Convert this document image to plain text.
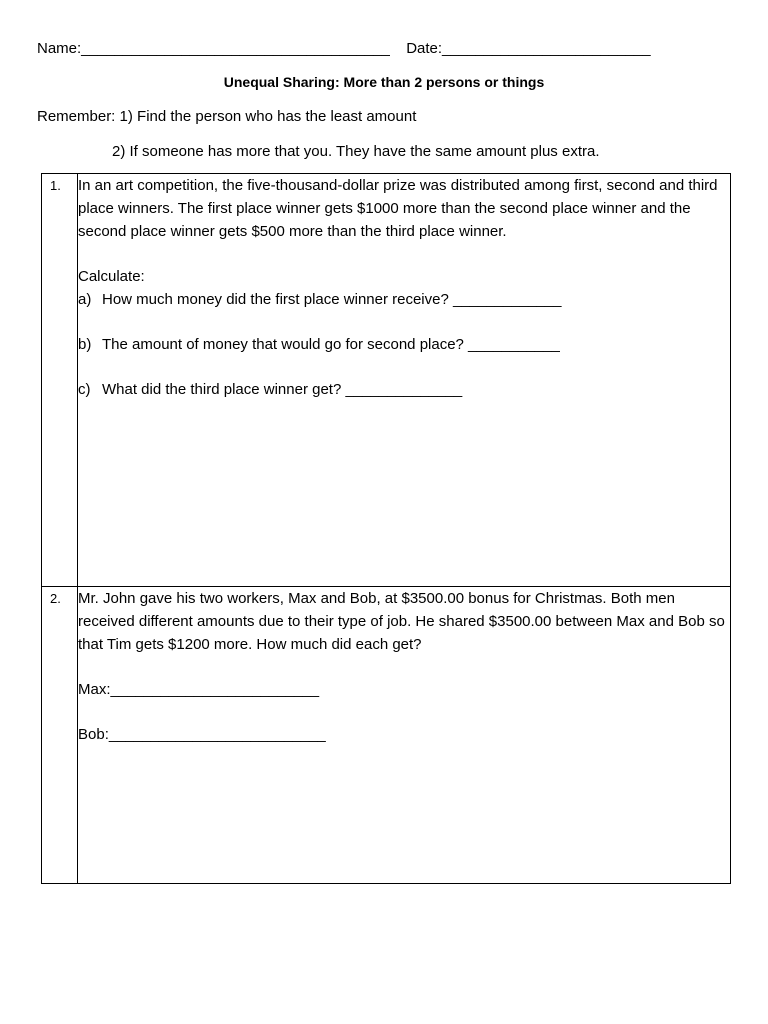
Name:_____________________________________ Date:_________________________
Unequal Sharing: More than 2 persons or things
Remember: 1) Find the person who has the least amount
2) If someone has more that you. They have the same amount plus extra.
1.	In an art competition, the five-thousand-dollar prize was distributed among first, second and third place winners. The first place winner gets $1000 more than the second place winner and the second place winner gets $500 more than the third place winner.
Calculate:
a) How much money did the first place winner receive? _____________
b) The amount of money that would go for second place? ___________
c) What did the third place winner get? ______________

2.	Mr. John gave his two workers, Max and Bob, at $3500.00 bonus for Christmas. Both men received different amounts due to their type of job. He shared $3500.00 between Max and Bob so that Tim gets $1200 more. How much did each get?
Max:_________________________
Bob:__________________________
